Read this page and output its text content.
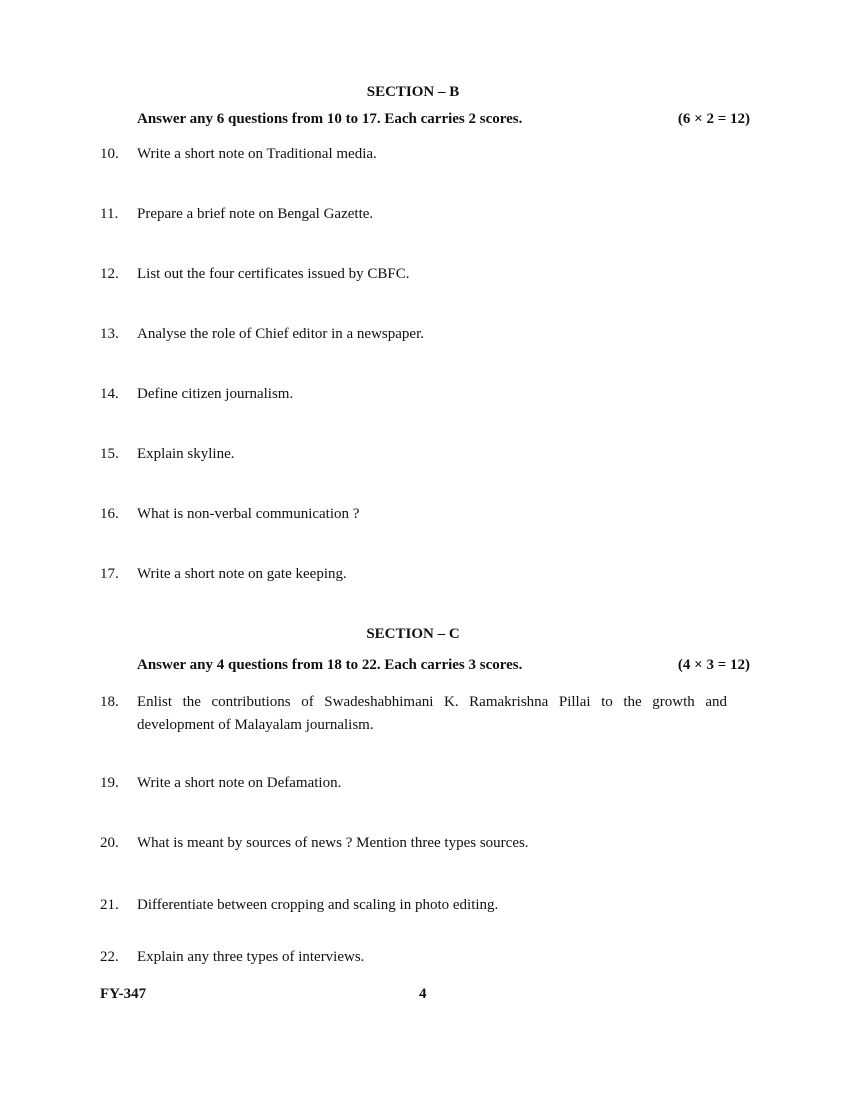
SECTION – B
Answer any 6 questions from 10 to 17. Each carries 2 scores.	(6 × 2 = 12)
10. Write a short note on Traditional media.
11. Prepare a brief note on Bengal Gazette.
12. List out the four certificates issued by CBFC.
13. Analyse the role of Chief editor in a newspaper.
14. Define citizen journalism.
15. Explain skyline.
16. What is non-verbal communication ?
17. Write a short note on gate keeping.
SECTION – C
Answer any 4 questions from 18 to 22. Each carries 3 scores.	(4 × 3 = 12)
18. Enlist the contributions of Swadeshabhimani K. Ramakrishna Pillai to the growth and development of Malayalam journalism.
19. Write a short note on Defamation.
20. What is meant by sources of news ? Mention three types sources.
21. Differentiate between cropping and scaling in photo editing.
22. Explain any three types of interviews.
FY-347	4
